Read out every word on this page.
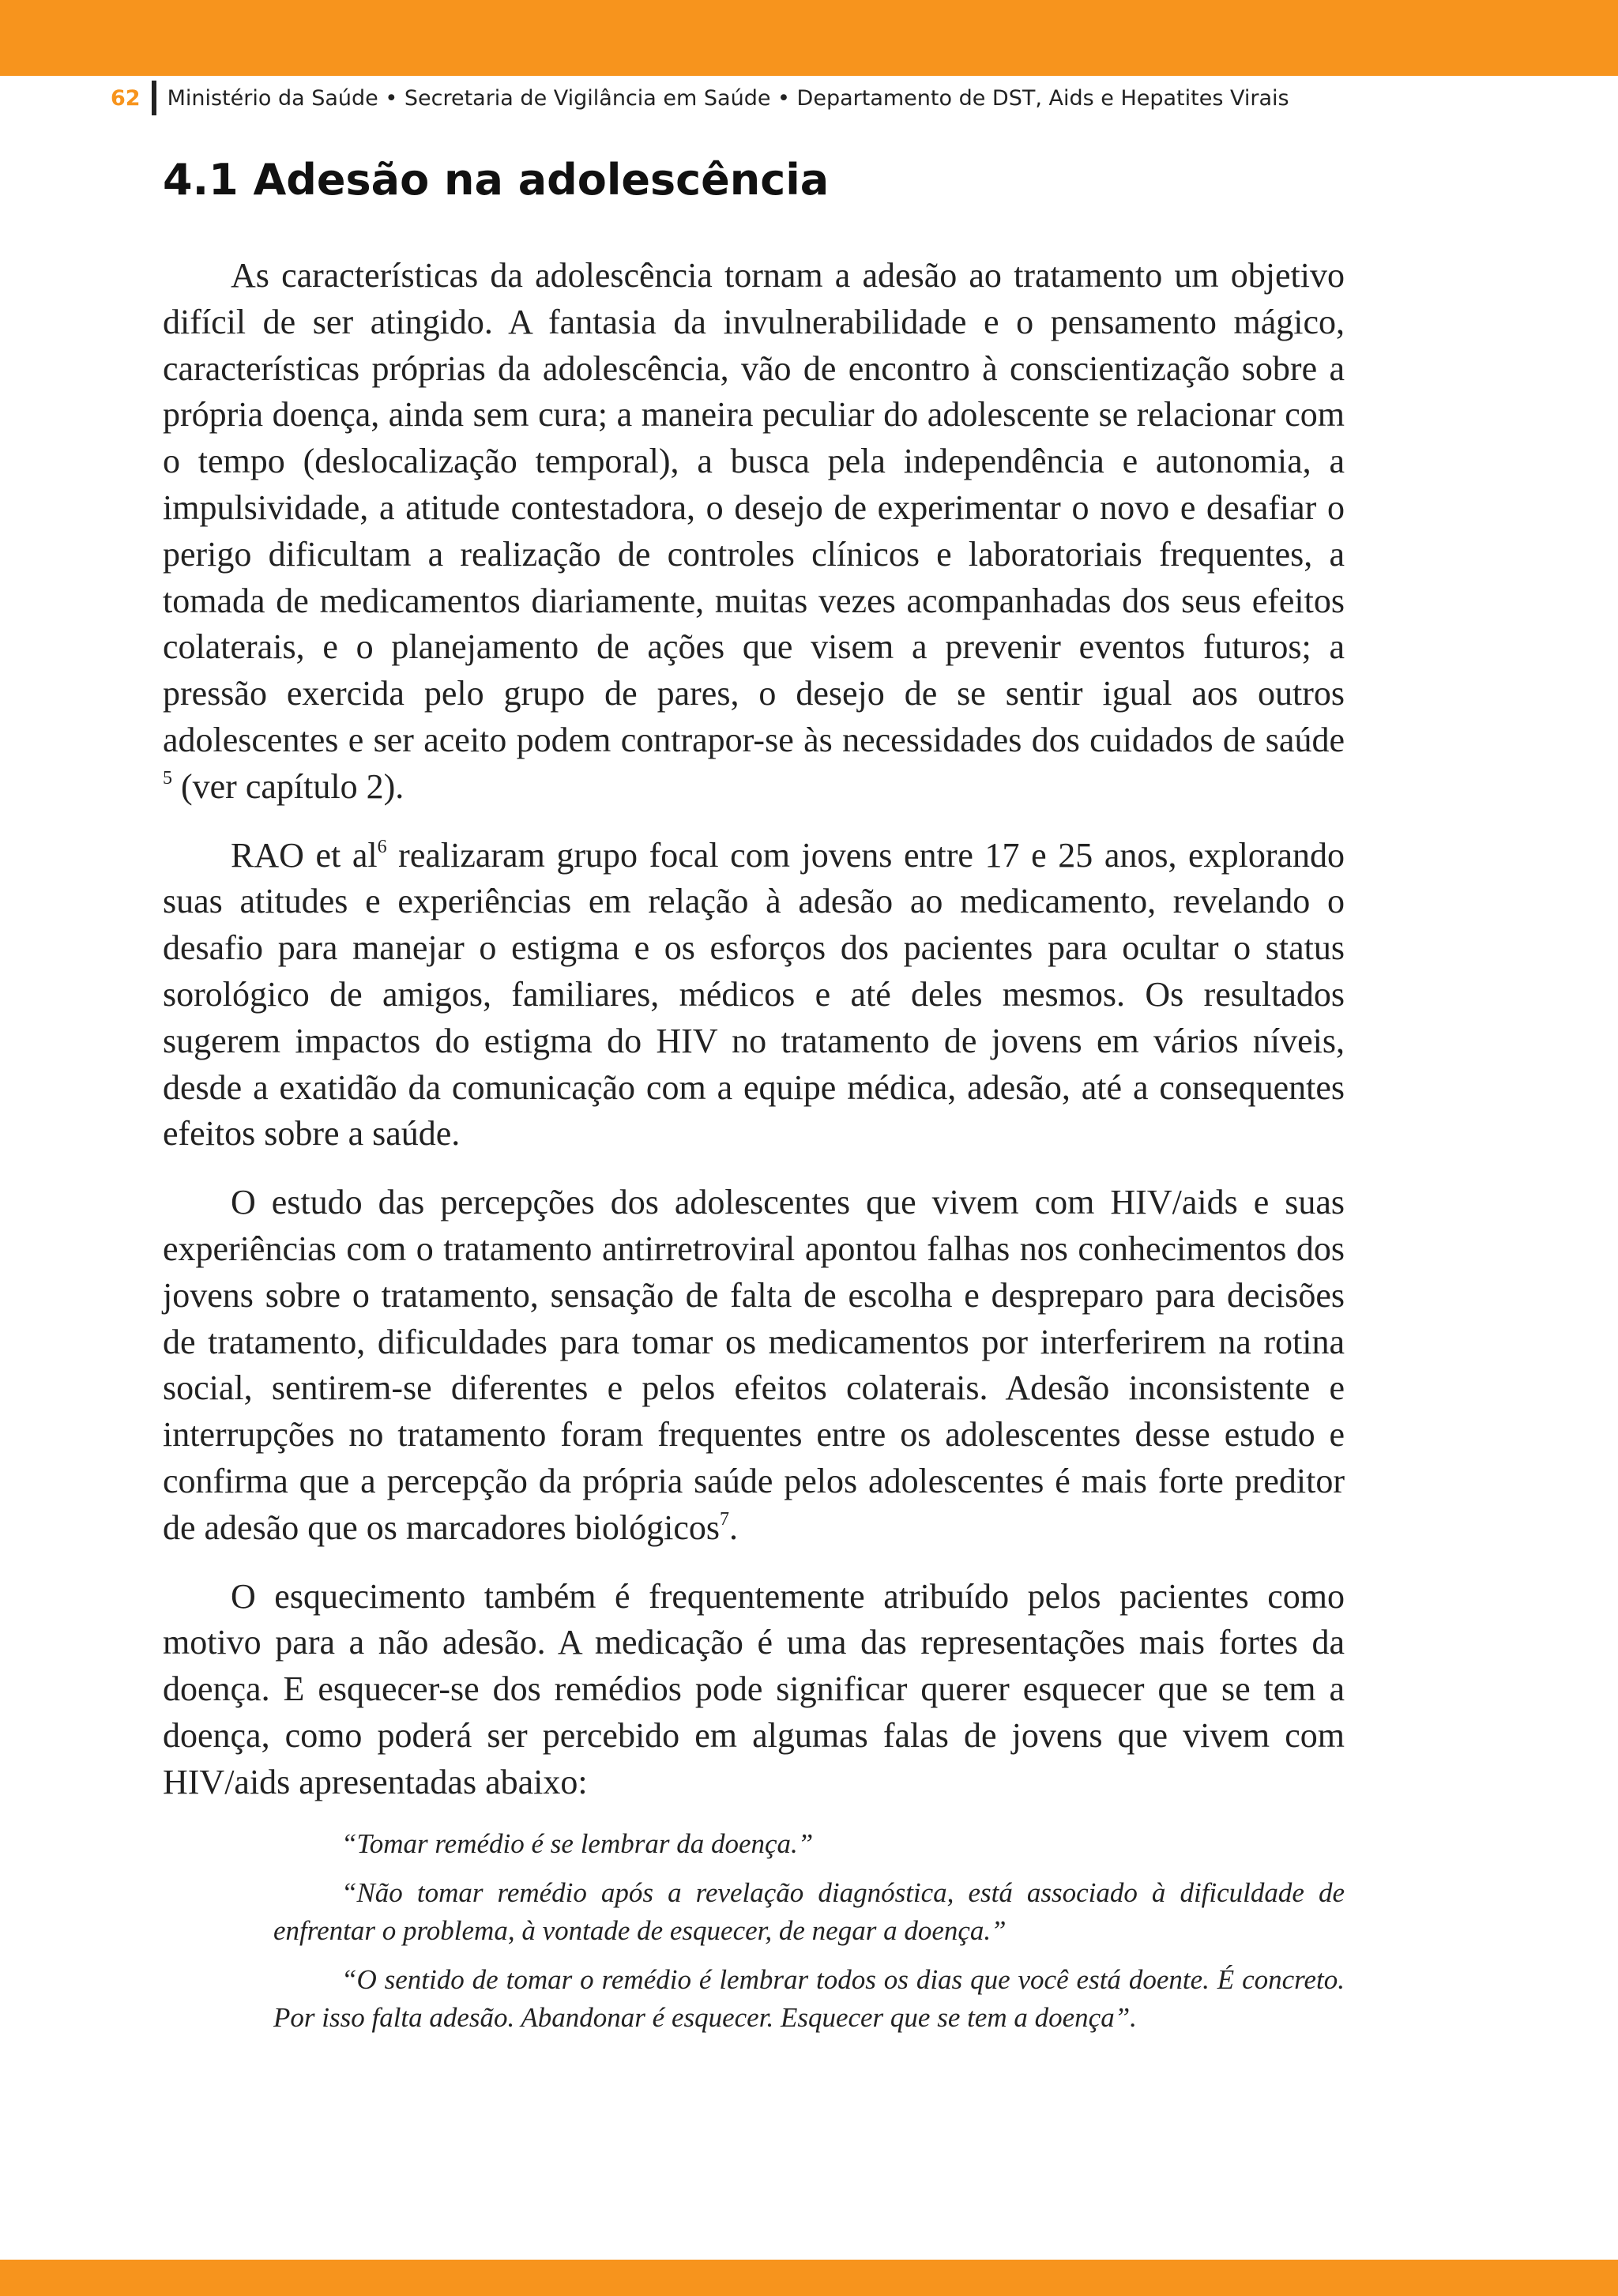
62 Ministério da Saúde • Secretaria de Vigilância em Saúde • Departamento de DST, Aids e Hepatites Virais
4.1 Adesão na adolescência

As características da adolescência tornam a adesão ao tratamento um objetivo difícil de ser atingido. A fantasia da invulnerabilidade e o pensamento mágico, características próprias da adolescência, vão de encontro à conscientização sobre a própria doença, ainda sem cura; a maneira peculiar do adolescente se relacionar com o tempo (deslocalização temporal), a busca pela independência e autonomia, a impulsividade, a atitude contestadora, o desejo de experimentar o novo e desafiar o perigo dificultam a realização de controles clínicos e laboratoriais frequentes, a tomada de medicamentos diariamente, muitas vezes acompanhadas dos seus efeitos colaterais, e o planejamento de ações que visem a prevenir eventos futuros; a pressão exercida pelo grupo de pares, o desejo de se sentir igual aos outros adolescentes e ser aceito podem contrapor-se às necessidades dos cuidados de saúde $^5$ (ver capítulo 2).

RAO et $al^6$ realizaram grupo focal com jovens entre 17 e 25 anos, explorando suas atitudes e experiências em relação à adesão ao medicamento, revelando o desafio para manejar o estigma e os esforços dos pacientes para ocultar o status sorológico de amigos, familiares, médicos e até deles mesmos. Os resultados sugerem impactos do estigma do HIV no tratamento de jovens em vários níveis, desde a exatidão da comunicação com a equipe médica, adesão, até a consequentes efeitos sobre a saúde.

O estudo das percepções dos adolescentes que vivem com HIV/aids e suas experiências com o tratamento antirretroviral apontou falhas nos conhecimentos dos jovens sobre o tratamento, sensação de falta de escolha e despreparo para decisões de tratamento, dificuldades para tomar os medicamentos por interferirem na rotina social, sentirem-se diferentes e pelos efeitos colaterais. Adesão inconsistente e interrupções no tratamento foram frequentes entre os adolescentes desse estudo e confirma que a percepção da própria saúde pelos adolescentes é mais forte preditor de adesão que os marcadores biológicos$^7$.

O esquecimento também é frequentemente atribuído pelos pacientes como motivo para a não adesão. A medicação é uma das representações mais fortes da doença. E esquecer-se dos remédios pode significar querer esquecer que se tem a doença, como poderá ser percebido em algumas falas de jovens que vivem com HIV/aids apresentadas abaixo:

“Tomar remédio é se lembrar da doença.”

“Não tomar remédio após a revelação diagnóstica, está associado à dificuldade de enfrentar o problema, à vontade de esquecer, de negar a doença.”

“O sentido de tomar o remédio é lembrar todos os dias que você está doente. É concreto. Por isso falta adesão. Abandonar é esquecer. Esquecer que se tem a doença”.
